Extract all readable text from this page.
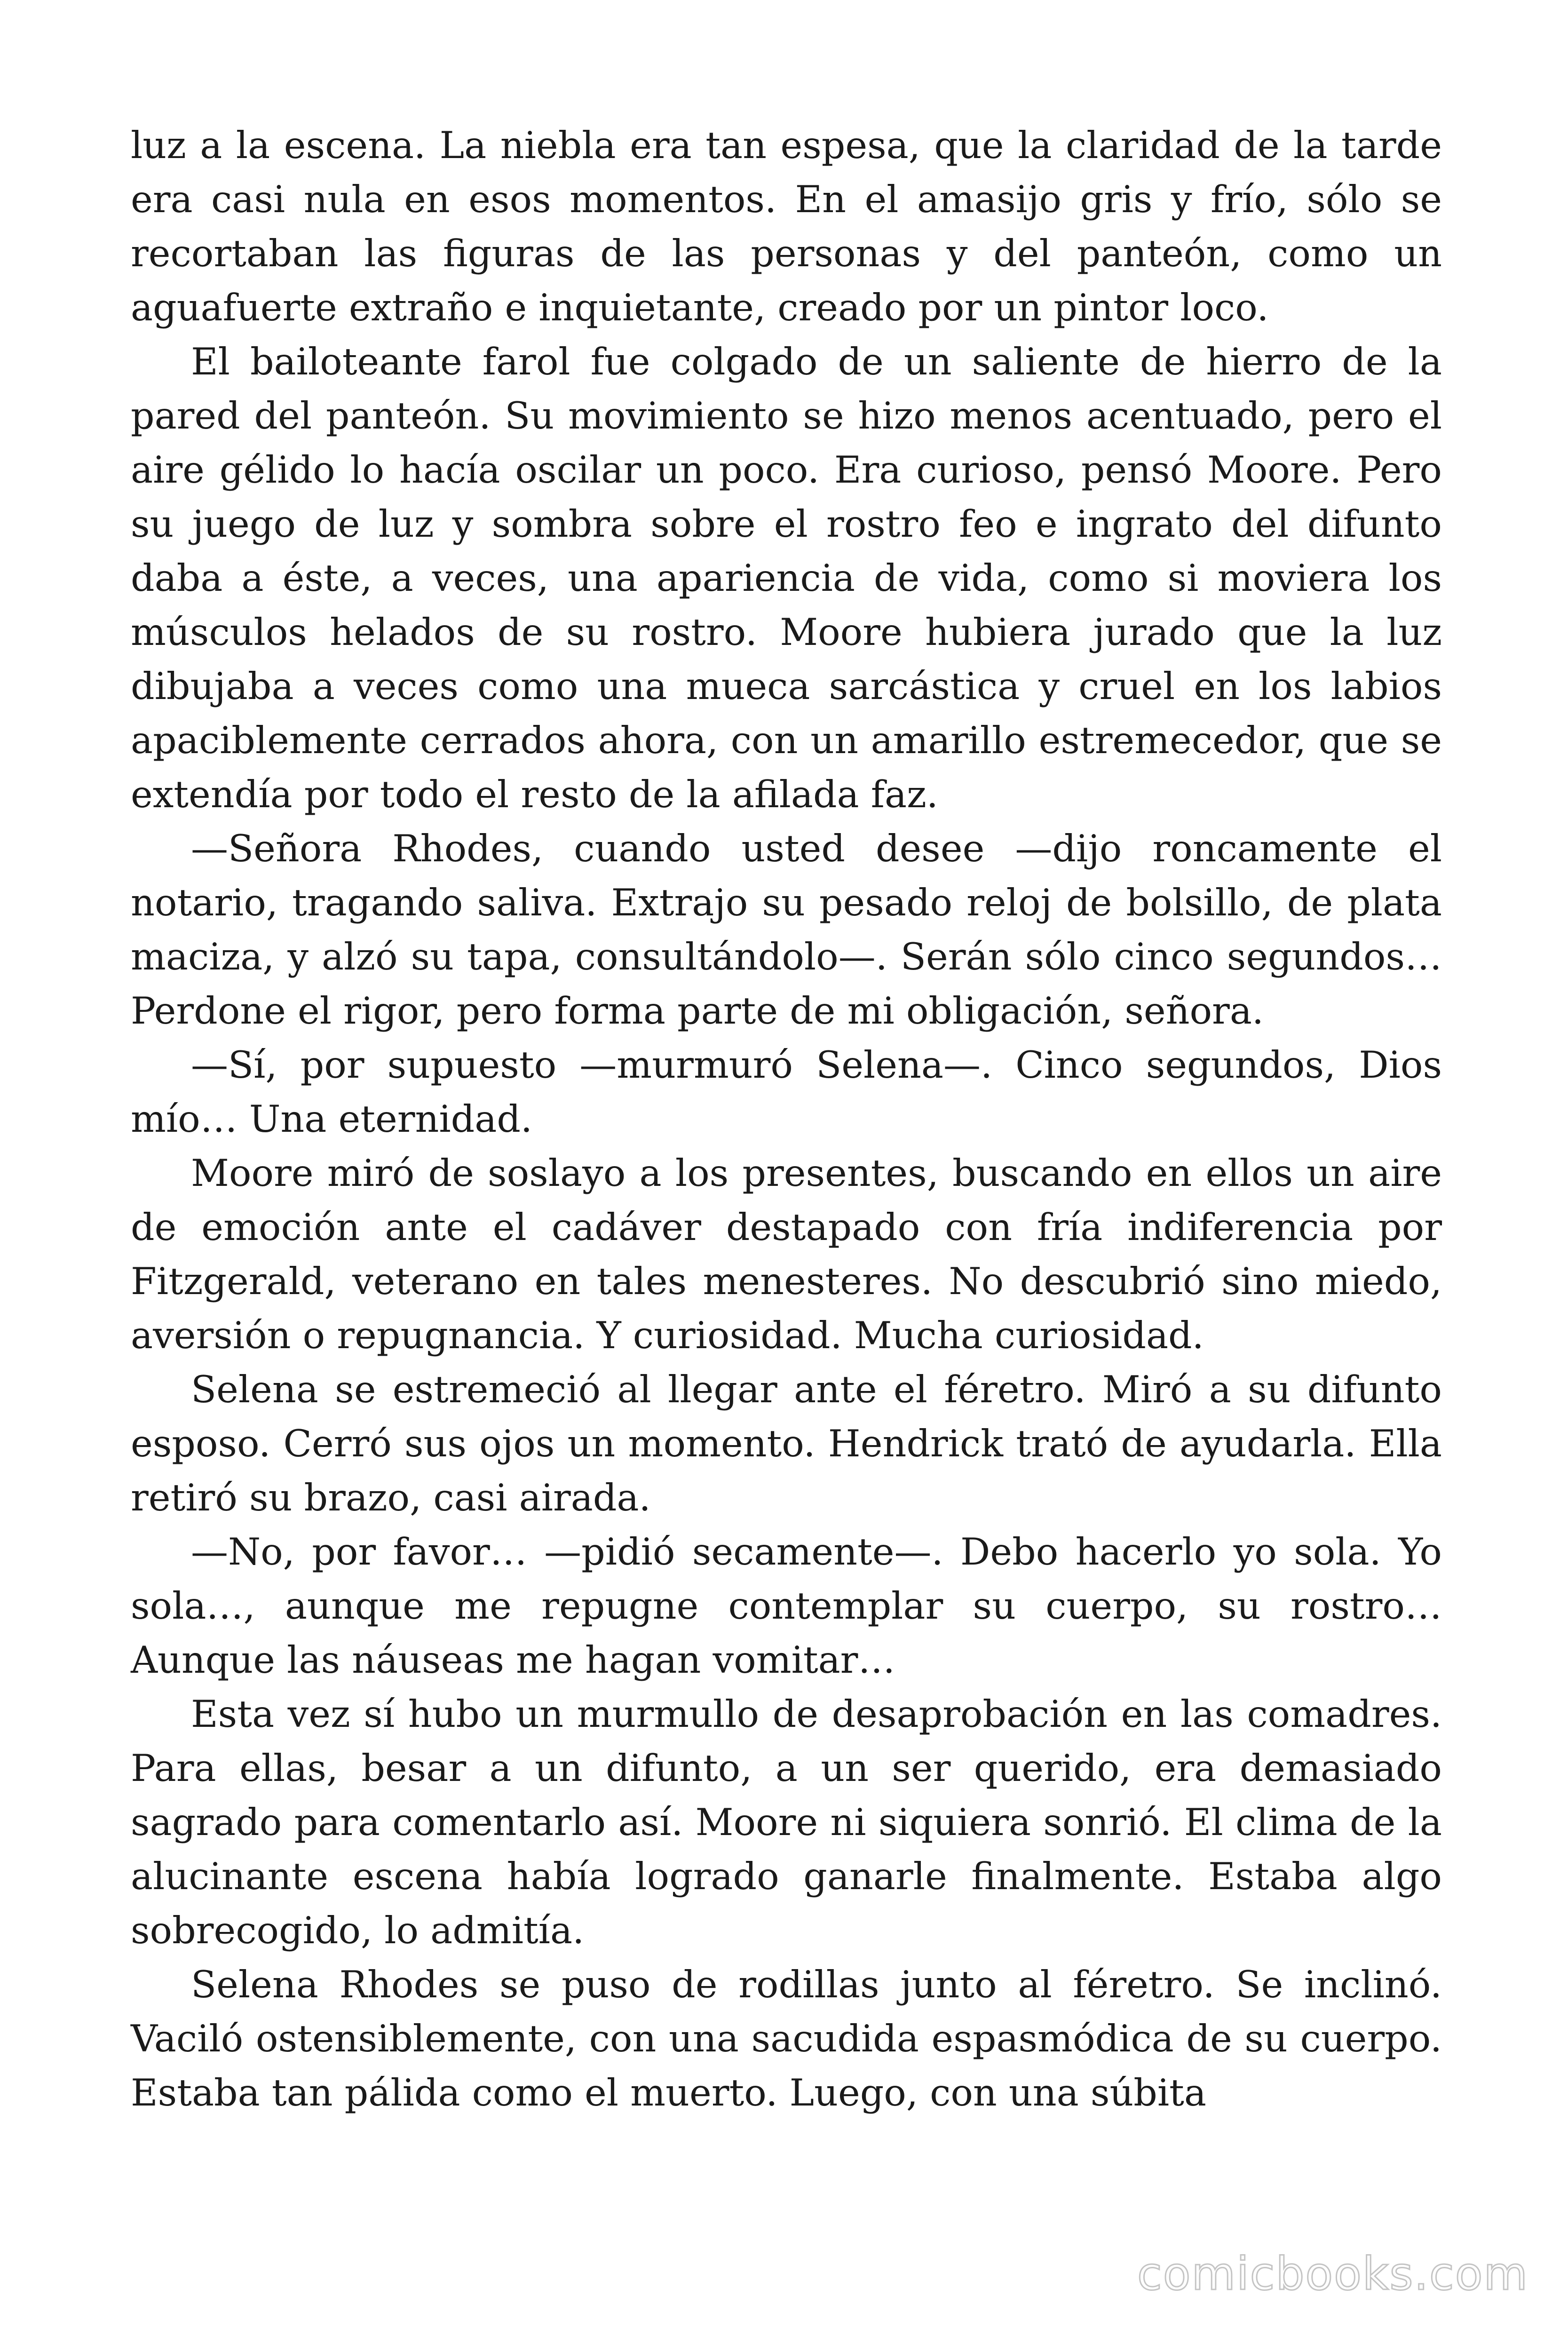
luz a la escena. La niebla era tan espesa, que la claridad de la tarde era casi nula en esos momentos. En el amasijo gris y frío, sólo se recortaban las figuras de las personas y del panteón, como un aguafuerte extraño e inquietante, creado por un pintor loco.

El bailoteante farol fue colgado de un saliente de hierro de la pared del panteón. Su movimiento se hizo menos acentuado, pero el aire gélido lo hacía oscilar un poco. Era curioso, pensó Moore. Pero su juego de luz y sombra sobre el rostro feo e ingrato del difunto daba a éste, a veces, una apariencia de vida, como si moviera los músculos helados de su rostro. Moore hubiera jurado que la luz dibujaba a veces como una mueca sarcástica y cruel en los labios apaciblemente cerrados ahora, con un amarillo estremecedor, que se extendía por todo el resto de la afilada faz.

—Señora Rhodes, cuando usted desee —dijo roncamente el notario, tragando saliva. Extrajo su pesado reloj de bolsillo, de plata maciza, y alzó su tapa, consultándolo—. Serán sólo cinco segundos… Perdone el rigor, pero forma parte de mi obligación, señora.

—Sí, por supuesto —murmuró Selena—. Cinco segundos, Dios mío… Una eternidad.

Moore miró de soslayo a los presentes, buscando en ellos un aire de emoción ante el cadáver destapado con fría indiferencia por Fitzgerald, veterano en tales menesteres. No descubrió sino miedo, aversión o repugnancia. Y curiosidad. Mucha curiosidad.

Selena se estremeció al llegar ante el féretro. Miró a su difunto esposo. Cerró sus ojos un momento. Hendrick trató de ayudarla. Ella retiró su brazo, casi airada.

—No, por favor… —pidió secamente—. Debo hacerlo yo sola. Yo sola…, aunque me repugne contemplar su cuerpo, su rostro… Aunque las náuseas me hagan vomitar…

Esta vez sí hubo un murmullo de desaprobación en las comadres. Para ellas, besar a un difunto, a un ser querido, era demasiado sagrado para comentarlo así. Moore ni siquiera sonrió. El clima de la alucinante escena había logrado ganarle finalmente. Estaba algo sobrecogido, lo admitía.

Selena Rhodes se puso de rodillas junto al féretro. Se inclinó. Vaciló ostensiblemente, con una sacudida espasmódica de su cuerpo. Estaba tan pálida como el muerto. Luego, con una súbita

comicbooks.com
